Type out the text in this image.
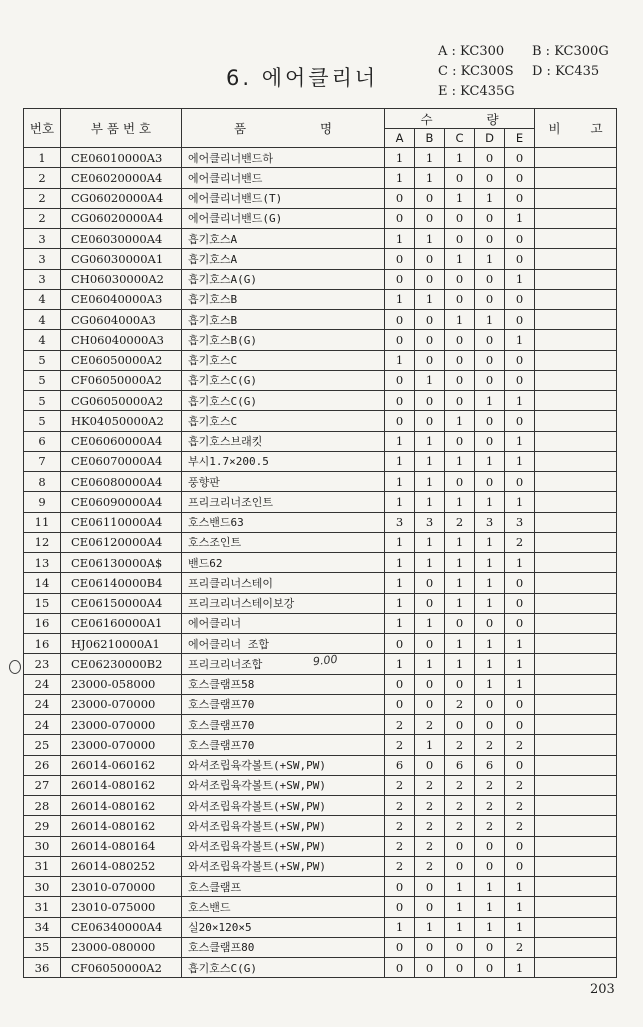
6. 에어클리너
A : KC300 B : KC300G
C : KC300S D : KC435
E : KC435G
번호	부 품 번 호	품 명	수 량					비 고
			A	B	C	D	E	
1	CE06010000A3	에어클리너밴드하	1	1	1	0	0	
2	CE06020000A4	에어클리너밴드	1	1	0	0	0	
2	CG06020000A4	에어클리너밴드(T)	0	0	1	1	0	
2	CG06020000A4	에어클리너밴드(G)	0	0	0	0	1	
3	CE06030000A4	흡기호스A	1	1	0	0	0	
3	CG06030000A1	흡기호스A	0	0	1	1	0	
3	CH06030000A2	흡기호스A(G)	0	0	0	0	1	
4	CE06040000A3	흡기호스B	1	1	0	0	0	
4	CG0604000A3	흡기호스B	0	0	1	1	0	
4	CH06040000A3	흡기호스B(G)	0	0	0	0	1	
5	CE06050000A2	흡기호스C	1	0	0	0	0	
5	CF06050000A2	흡기호스C(G)	0	1	0	0	0	
5	CG06050000A2	흡기호스C(G)	0	0	0	1	1	
5	HK04050000A2	흡기호스C	0	0	1	0	0	
6	CE06060000A4	흡기호스브래킷	1	1	0	0	1	
7	CE06070000A4	부시1.7×200.5	1	1	1	1	1	
8	CE06080000A4	풍향판	1	1	0	0	0	
9	CE06090000A4	프리크리너조인트	1	1	1	1	1	
11	CE06110000A4	호스밴드63	3	3	2	3	3	
12	CE06120000A4	호스조인트	1	1	1	1	2	
13	CE06130000A$	밴드62	1	1	1	1	1	
14	CE06140000B4	프리클리너스테이	1	0	1	1	0	
15	CE06150000A4	프리크리너스테이보강	1	0	1	1	0	
16	CE06160000A1	에어클리너	1	1	0	0	0	
16	HJ06210000A1	에어클리너 조합	0	0	1	1	1	
23	CE06230000B2	프리크리너조합	1	1	1	1	1	
24	23000-058000	호스클램프58	0	0	0	1	1	
24	23000-070000	호스클램프70	0	0	2	0	0	
24	23000-070000	호스클램프70	2	2	0	0	0	
25	23000-070000	호스클램프70	2	1	2	2	2	
26	26014-060162	와셔조립육각볼트(+SW,PW)	6	0	6	6	0	
27	26014-080162	와셔조립육각볼트(+SW,PW)	2	2	2	2	2	
28	26014-080162	와셔조립육각볼트(+SW,PW)	2	2	2	2	2	
29	26014-080162	와셔조립육각볼트(+SW,PW)	2	2	2	2	2	
30	26014-080164	와셔조립육각볼트(+SW,PW)	2	2	0	0	0	
31	26014-080252	와셔조립육각볼트(+SW,PW)	2	2	0	0	0	
30	23010-070000	호스클램프	0	0	1	1	1	
31	23010-075000	호스밴드	0	0	1	1	1	
34	CE06340000A4	실20×120×5	1	1	1	1	1	
35	23000-080000	호스클램프80	0	0	0	0	2	
36	CF06050000A2	흡기호스C(G)	0	0	0	0	1	
9.00
203
